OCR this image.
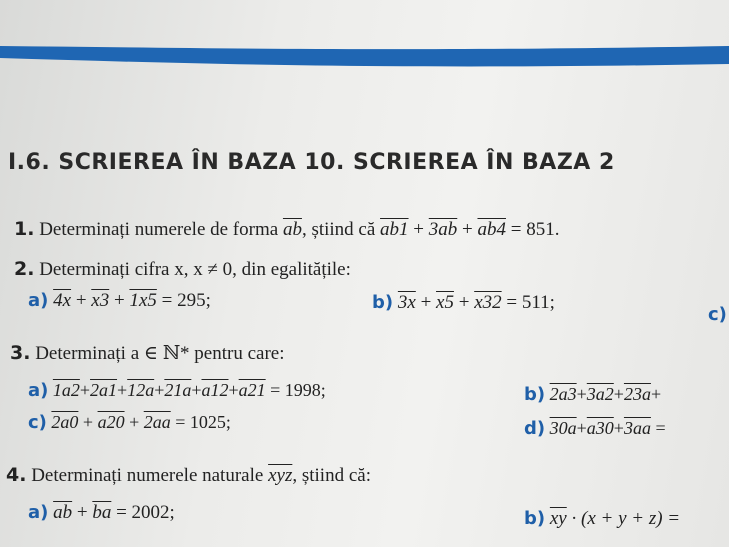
I.6. SCRIEREA ÎN BAZA 10. SCRIEREA ÎN BAZA 2
1. Determinați numerele de forma $\overline{ab}$, știind că ab1 + 3ab + ab4 = 851.
2. Determinați cifra x, x ≠ 0, din egalitățile:
a) 4x + x3 + 1x5 = 295;	b) 3x + x5 + x32 = 511;
c)
3. Determinați a ∈ ℕ* pentru care:
a) 1a2+2a1+12a+21a+a12+a21 = 1998;	b) 2a3+3a2+23a+
c) 2a0 + a20 + 2aa = 1025;	d) 30a+a30+3aa =
4. Determinați numerele naturale $\overline{xyz}$, știind că:
a) $\overline{ab} + \overline{ba} = 2002$;	b) $\overline{xy} \cdot (x + y + z)$ =
